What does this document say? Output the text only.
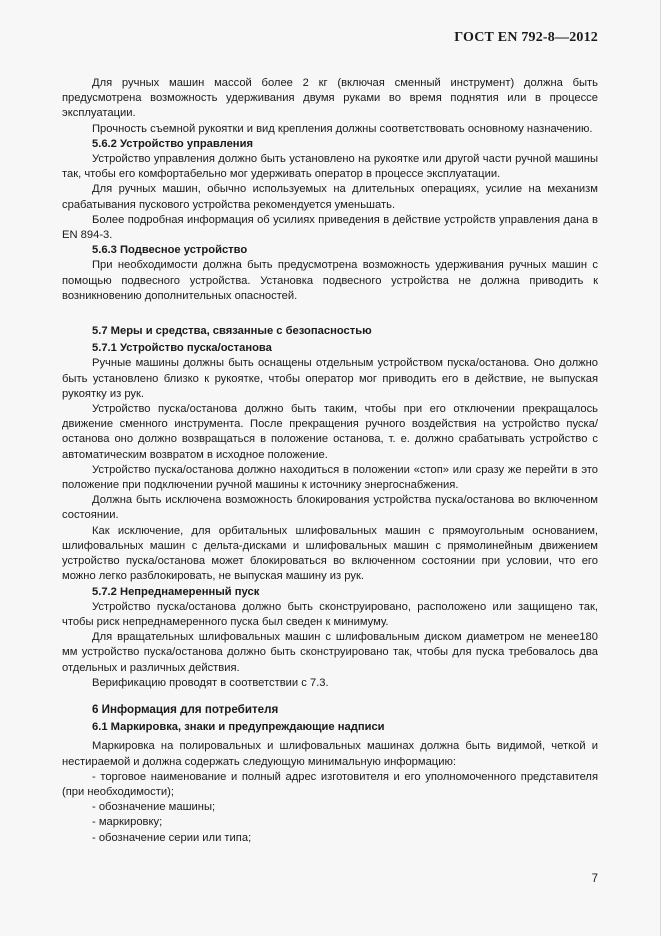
ГОСТ EN 792-8—2012

Для ручных машин массой более 2 кг (включая сменный инструмент) должна быть предусмотрена возможность удерживания двумя руками во время поднятия или в процессе эксплуатации.

Прочность съемной рукоятки и вид крепления должны соответствовать основному назначению.

5.6.2 Устройство управления

Устройство управления должно быть установлено на рукоятке или другой части ручной машины так, чтобы его комфортабельно мог удерживать оператор в процессе эксплуатации.

Для ручных машин, обычно используемых на длительных операциях, усилие на механизм срабатывания пускового устройства рекомендуется уменьшать.

Более подробная информация об усилиях приведения в действие устройств управления дана в EN 894-3.

5.6.3 Подвесное устройство

При необходимости должна быть предусмотрена возможность удерживания ручных машин с помощью подвесного устройства. Установка подвесного устройства не должна приводить к возникновению дополнительных опасностей.

5.7 Меры и средства, связанные с безопасностью

5.7.1 Устройство пуска/останова

Ручные машины должны быть оснащены отдельным устройством пуска/останова. Оно должно быть установлено близко к рукоятке, чтобы оператор мог приводить его в действие, не выпуская рукоятку из рук.

Устройство пуска/останова должно быть таким, чтобы при его отключении прекращалось движение сменного инструмента. После прекращения ручного воздействия на устройство пуска/останова оно должно возвращаться в положение останова, т. е. должно срабатывать устройство с автоматическим возвратом в исходное положение.

Устройство пуска/останова должно находиться в положении «стоп» или сразу же перейти в это положение при подключении ручной машины к источнику энергоснабжения.

Должна быть исключена возможность блокирования устройства пуска/останова во включенном состоянии.

Как исключение, для орбитальных шлифовальных машин с прямоугольным основанием, шлифовальных машин с дельта-дисками и шлифовальных машин с прямолинейным движением устройство пуска/останова может блокироваться во включенном состоянии при условии, что его можно легко разблокировать, не выпуская машину из рук.

5.7.2 Непреднамеренный пуск

Устройство пуска/останова должно быть сконструировано, расположено или защищено так, чтобы риск непреднамеренного пуска был сведен к минимуму.

Для вращательных шлифовальных машин с шлифовальным диском диаметром не менее180 мм устройство пуска/останова должно быть сконструировано так, чтобы для пуска требовалось два отдельных и различных действия.

Верификацию проводят в соответствии с 7.3.

6 Информация для потребителя

6.1 Маркировка, знаки и предупреждающие надписи

Маркировка на полировальных и шлифовальных машинах должна быть видимой, четкой и нестираемой и должна содержать следующую минимальную информацию:

- торговое наименование и полный адрес изготовителя и его уполномоченного представителя (при необходимости);

- обозначение машины;

- маркировку;

- обозначение серии или типа;

7
